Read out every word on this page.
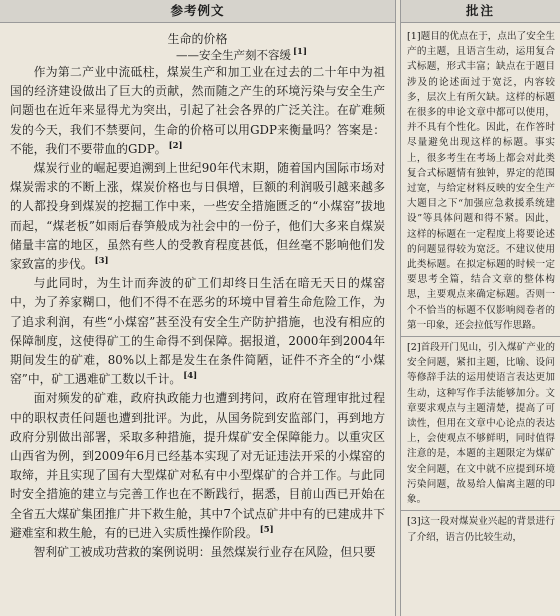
参考例文
生命的价格
——安全生产刻不容缓 [1]

作为第二产业中流砥柱，煤炭生产和加工业在过去的二十年中为祖国的经济建设做出了巨大的贡献，然而随之产生的环境污染与安全生产问题也在近年来显得尤为突出，引起了社会各界的广泛关注。在矿难频发的今天，我们不禁要问，生命的价格可以用GDP来衡量吗？答案是：不能，我们不要带血的GDP。 [2]

煤炭行业的崛起要追溯到上世纪90年代末期，随着国内国际市场对煤炭需求的不断上涨，煤炭价格也与日俱增，巨额的利润吸引越来越多的人都投身到煤炭的挖掘工作中来，一些安全措施匮乏的“小煤窑”拔地而起，“煤老板”如雨后春笋般成为社会中的一份子，他们大多来自煤炭储量丰富的地区，虽然有些人的受教育程度甚低，但丝毫不影响他们发家致富的步伐。 [3]

与此同时，为生计而奔波的矿工们却终日生活在暗无天日的煤窑中，为了养家糊口，他们不得不在恶劣的环境中冒着生命危险工作，为了追求利润，有些“小煤窑”甚至没有安全生产防护措施，也没有相应的保障制度，这使得矿工的生命得不到保障。据报道，2000年到2004年期间发生的矿难，80%以上都是发生在条件简陋，证件不齐全的“小煤窑”中，矿工遇难矿工数以千计。 [4]

面对频发的矿难，政府执政能力也遭到拷问，政府在管理审批过程中的职权责任问题也遭到批评。为此，从国务院到安监部门，再到地方政府分别做出部署，采取多种措施，提升煤矿安全保障能力。以重灾区山西省为例，到2009年6月已经基本实现了对无证违法开采的小煤窑的取缔，并且实现了国有大型煤矿对私有中小型煤矿的合并工作。与此同时安全措施的建立与完善工作也在不断践行，据悉，目前山西已开始在全省五大煤矿集团推广井下救生舱，其中7个试点矿井中有的已建成井下避难室和救生舱，有的已进入实质性操作阶段。 [5]

智利矿工被成功营救的案例说明：虽然煤炭行业存在风险，但只要

批注

[1]题目的优点在于，点出了安全生产的主题，且语言生动，运用复合式标题，形式丰富；缺点在于题目涉及的论述面过于宽泛，内容较多，层次上有所欠缺。这样的标题在很多的申论文章中都可以使用，并不具有个性化。因此，在作答时尽量避免出现这样的标题。事实上，很多考生在考场上都会对此类复合式标题情有独钟，界定的范围过宽，与给定材料反映的安全生产大题目之下“加强应急救援系统建设”等具体问题和得不紧。因此，这样的标题在一定程度上将要论述的问题显得较为宽泛。不建议使用此类标题。在拟定标题的时候一定要思考全篇，结合文章的整体构思，主要观点来确定标题。否则一个不恰当的标题不仅影响阅卷者的第一印象，还会拉低写作思路。

[2]首段开门见山，引入煤矿产业的安全问题，紧扣主题，比喻、设问等修辞手法的运用使语言表达更加生动，这种写作手法能够加分。文章要求观点与主题清楚，提高了可读性，但用在文章中心论点的表达上，会使观点不够鲜明，同时值得注意的是，本题的主题限定为煤矿安全问题，在文中就不应提到环境污染问题，故易给人偏离主题的印象。

[3]这一段对煤炭业兴起的背景进行了介绍，语言仍比较生动，
